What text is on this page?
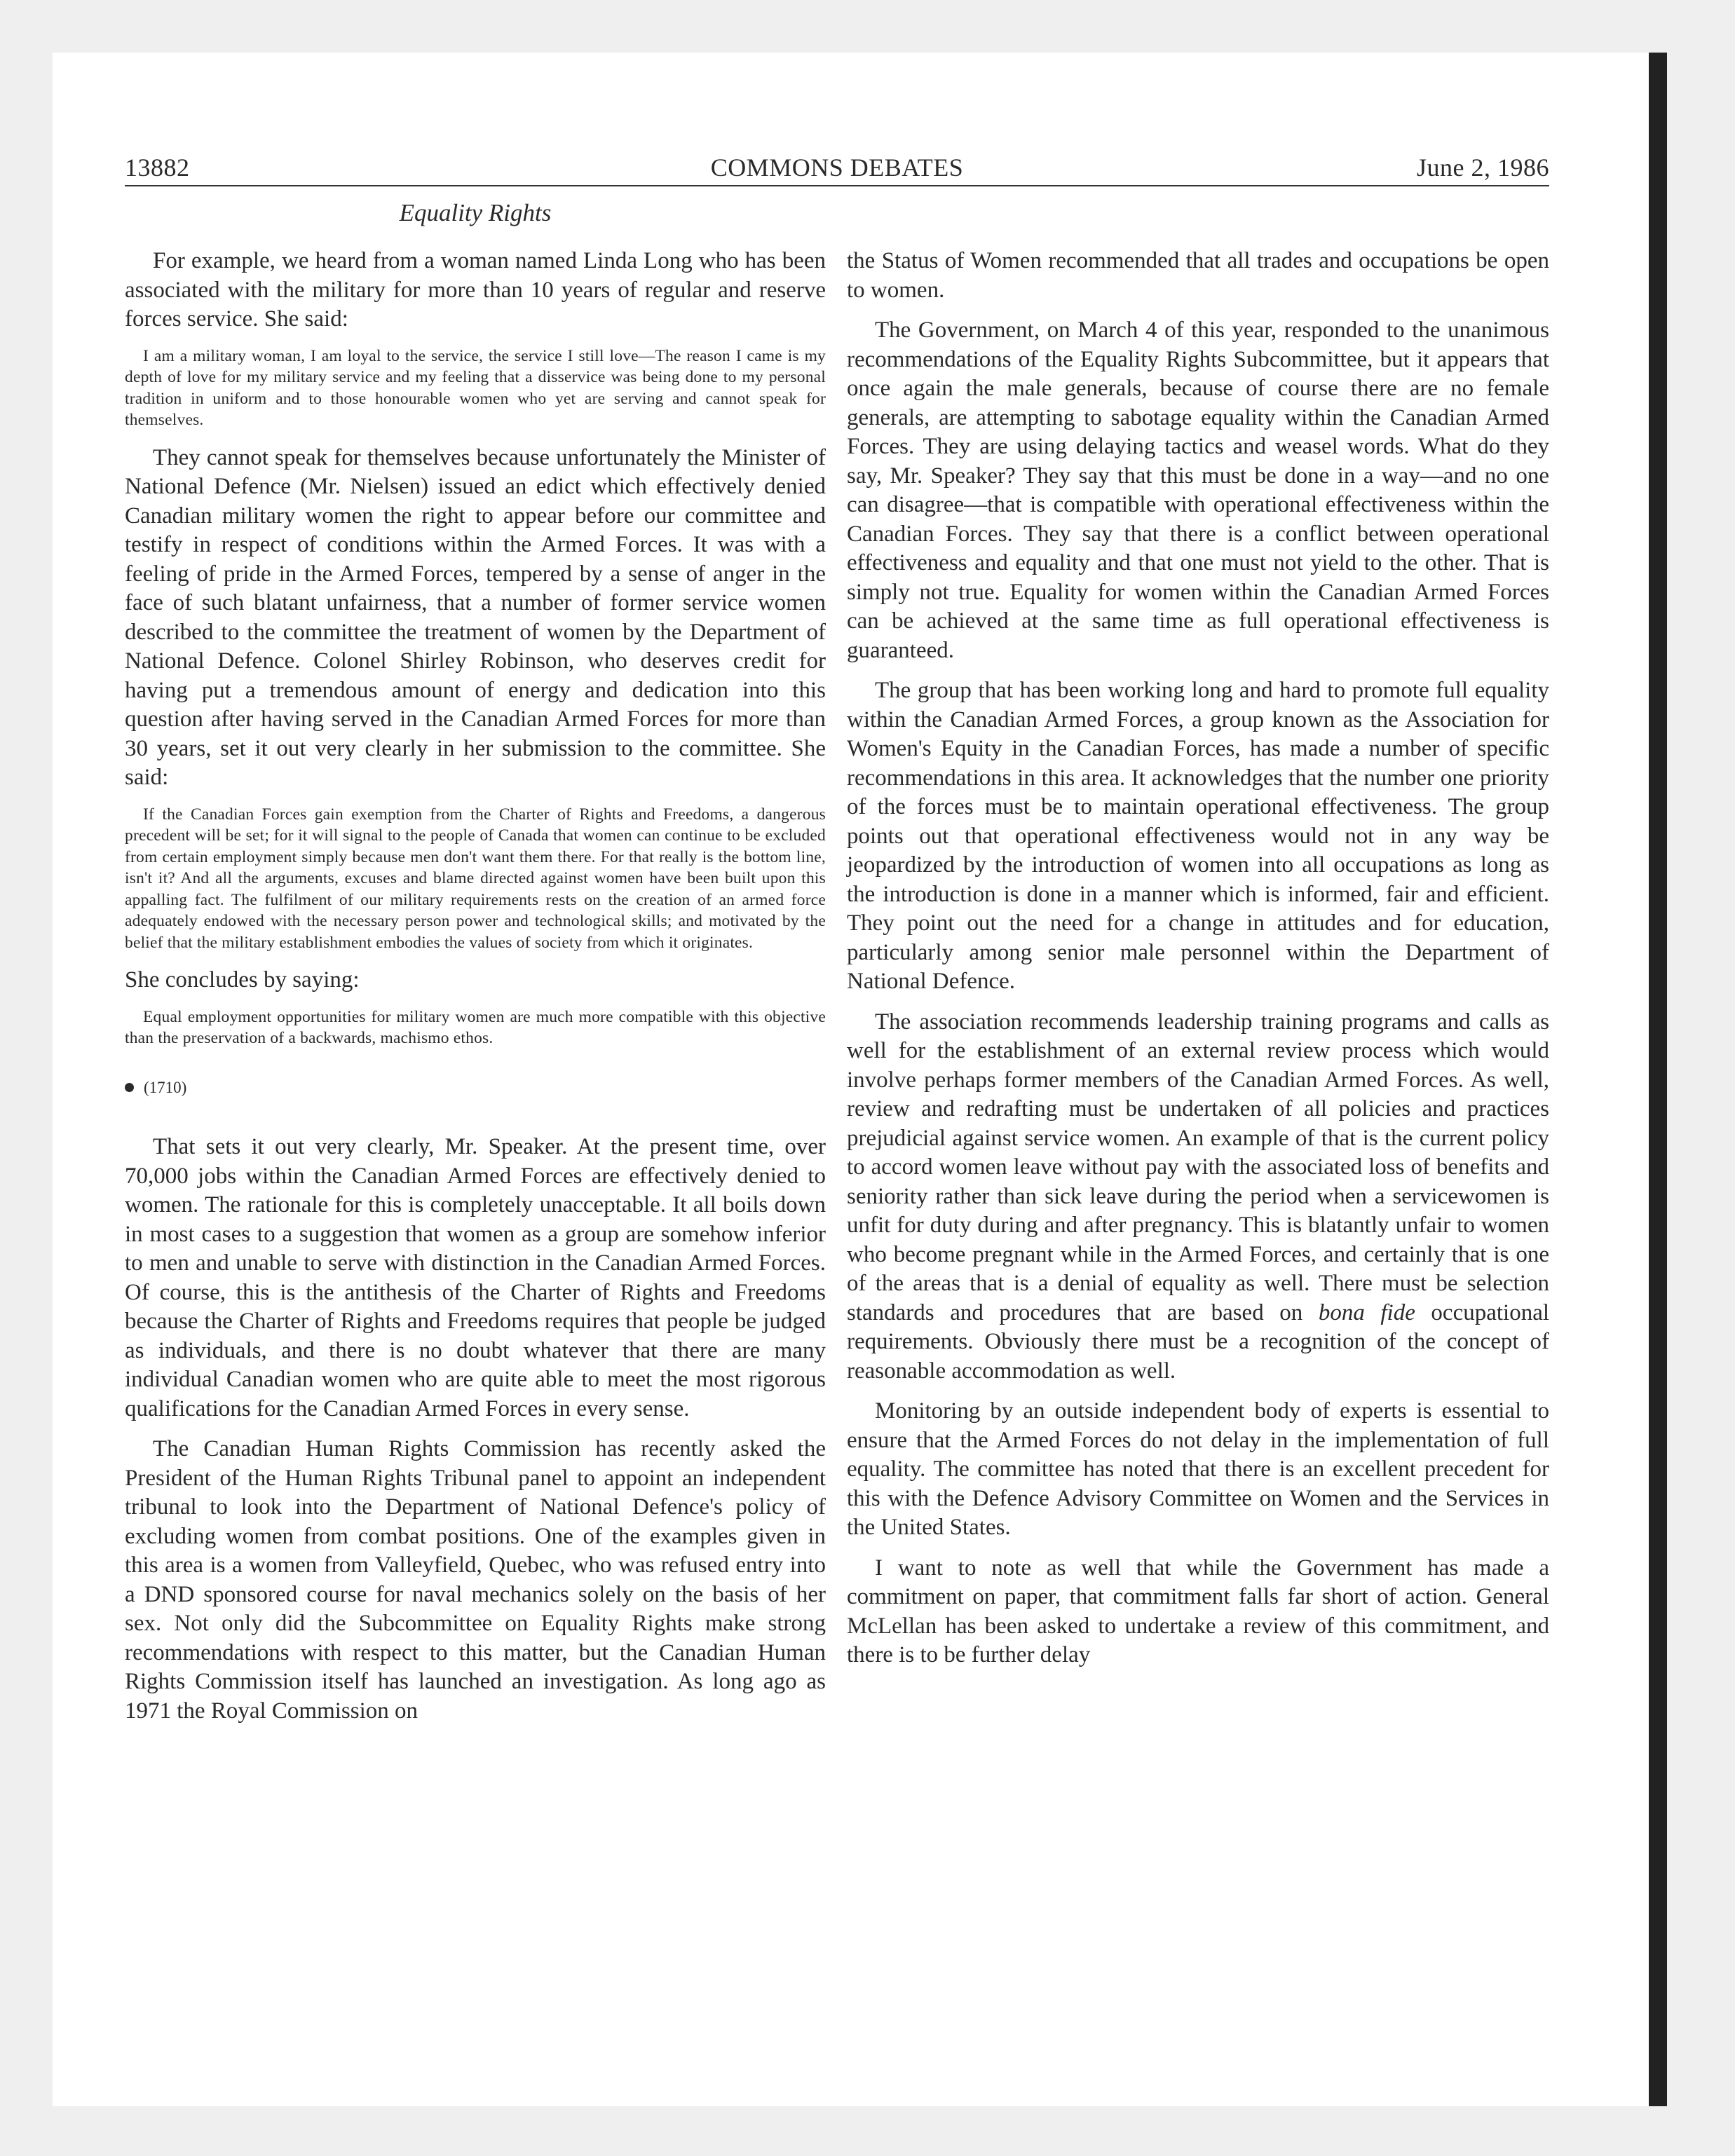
COMMONS DEBATES
13882	June 2, 1986
Equality Rights

For example, we heard from a woman named Linda Long who has been associated with the military for more than 10 years of regular and reserve forces service. She said:

I am a military woman, I am loyal to the service, the service I still love—The reason I came is my depth of love for my military service and my feeling that a disservice was being done to my personal tradition in uniform and to those honourable women who yet are serving and cannot speak for themselves.

They cannot speak for themselves because unfortunately the Minister of National Defence (Mr. Nielsen) issued an edict which effectively denied Canadian military women the right to appear before our committee and testify in respect of conditions within the Armed Forces. It was with a feeling of pride in the Armed Forces, tempered by a sense of anger in the face of such blatant unfairness, that a number of former service women described to the committee the treatment of women by the Department of National Defence. Colonel Shirley Robinson, who deserves credit for having put a tremendous amount of energy and dedication into this question after having served in the Canadian Armed Forces for more than 30 years, set it out very clearly in her submission to the committee. She said:

If the Canadian Forces gain exemption from the Charter of Rights and Freedoms, a dangerous precedent will be set; for it will signal to the people of Canada that women can continue to be excluded from certain employment simply because men don't want them there. For that really is the bottom line, isn't it? And all the arguments, excuses and blame directed against women have been built upon this appalling fact. The fulfilment of our military requirements rests on the creation of an armed force adequately endowed with the necessary person power and technological skills; and motivated by the belief that the military establishment embodies the values of society from which it originates.

She concludes by saying:

Equal employment opportunities for military women are much more compatible with this objective than the preservation of a backwards, machismo ethos.
(1710)

That sets it out very clearly, Mr. Speaker. At the present time, over 70,000 jobs within the Canadian Armed Forces are effectively denied to women. The rationale for this is completely unacceptable. It all boils down in most cases to a suggestion that women as a group are somehow inferior to men and unable to serve with distinction in the Canadian Armed Forces. Of course, this is the antithesis of the Charter of Rights and Freedoms because the Charter of Rights and Freedoms requires that people be judged as individuals, and there is no doubt whatever that there are many individual Canadian women who are quite able to meet the most rigorous qualifications for the Canadian Armed Forces in every sense.

The Canadian Human Rights Commission has recently asked the President of the Human Rights Tribunal panel to appoint an independent tribunal to look into the Department of National Defence's policy of excluding women from combat positions. One of the examples given in this area is a women from Valleyfield, Quebec, who was refused entry into a DND sponsored course for naval mechanics solely on the basis of her sex. Not only did the Subcommittee on Equality Rights make strong recommendations with respect to this matter, but the Canadian Human Rights Commission itself has launched an investigation. As long ago as 1971 the Royal Commission on

the Status of Women recommended that all trades and occupations be open to women.

The Government, on March 4 of this year, responded to the unanimous recommendations of the Equality Rights Subcommittee, but it appears that once again the male generals, because of course there are no female generals, are attempting to sabotage equality within the Canadian Armed Forces. They are using delaying tactics and weasel words. What do they say, Mr. Speaker? They say that this must be done in a way—and no one can disagree—that is compatible with operational effectiveness within the Canadian Forces. They say that there is a conflict between operational effectiveness and equality and that one must not yield to the other. That is simply not true. Equality for women within the Canadian Armed Forces can be achieved at the same time as full operational effectiveness is guaranteed.

The group that has been working long and hard to promote full equality within the Canadian Armed Forces, a group known as the Association for Women's Equity in the Canadian Forces, has made a number of specific recommendations in this area. It acknowledges that the number one priority of the forces must be to maintain operational effectiveness. The group points out that operational effectiveness would not in any way be jeopardized by the introduction of women into all occupations as long as the introduction is done in a manner which is informed, fair and efficient. They point out the need for a change in attitudes and for education, particularly among senior male personnel within the Department of National Defence.

The association recommends leadership training programs and calls as well for the establishment of an external review process which would involve perhaps former members of the Canadian Armed Forces. As well, review and redrafting must be undertaken of all policies and practices prejudicial against service women. An example of that is the current policy to accord women leave without pay with the associated loss of benefits and seniority rather than sick leave during the period when a servicewomen is unfit for duty during and after pregnancy. This is blatantly unfair to women who become pregnant while in the Armed Forces, and certainly that is one of the areas that is a denial of equality as well. There must be selection standards and procedures that are based on bona fide occupational requirements. Obviously there must be a recognition of the concept of reasonable accommodation as well.

Monitoring by an outside independent body of experts is essential to ensure that the Armed Forces do not delay in the implementation of full equality. The committee has noted that there is an excellent precedent for this with the Defence Advisory Committee on Women and the Services in the United States.

I want to note as well that while the Government has made a commitment on paper, that commitment falls far short of action. General McLellan has been asked to undertake a review of this commitment, and there is to be further delay
